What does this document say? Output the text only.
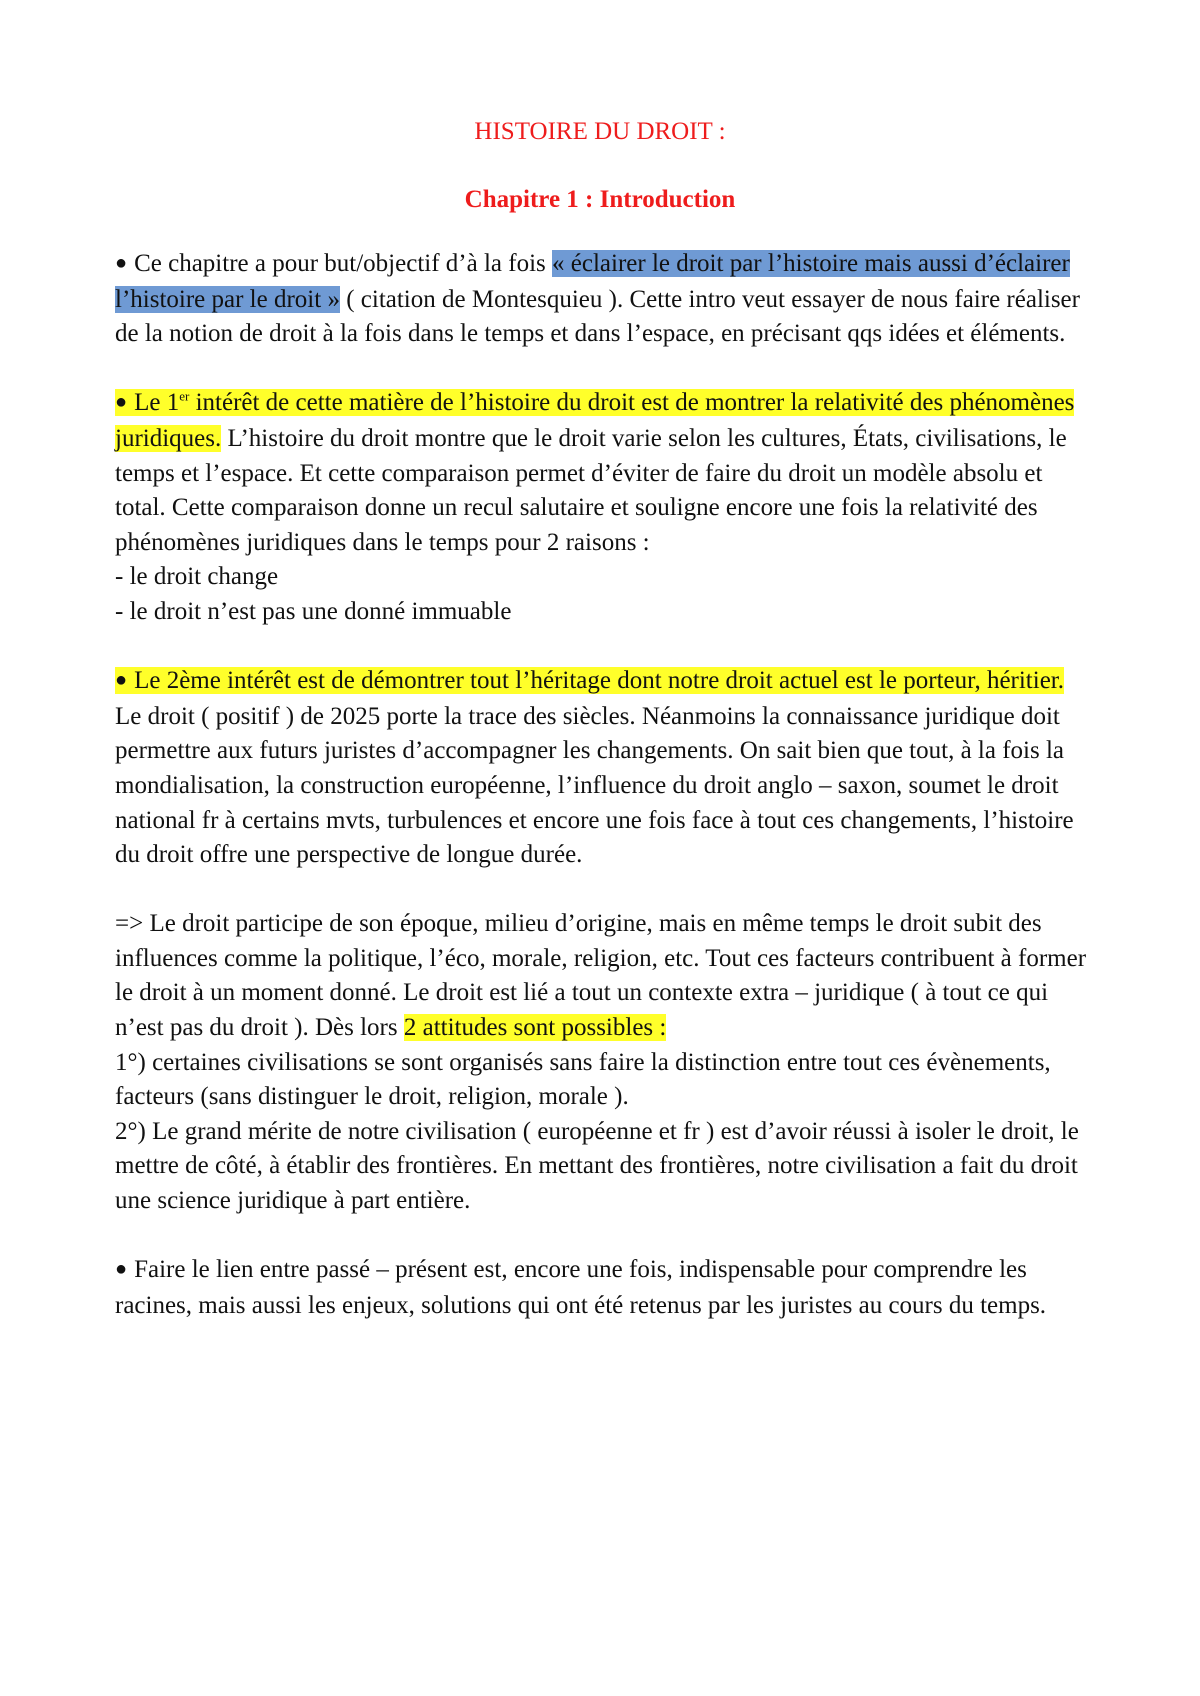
HISTOIRE DU DROIT :
Chapitre 1 : Introduction

● Ce chapitre a pour but/objectif d’à la fois « éclairer le droit par l’histoire mais aussi d’éclairer l’histoire par le droit » ( citation de Montesquieu ). Cette intro veut essayer de nous faire réaliser de la notion de droit à la fois dans le temps et dans l’espace, en précisant qqs idées et éléments.

● Le 1er intérêt de cette matière de l’histoire du droit est de montrer la relativité des phénomènes juridiques. L’histoire du droit montre que le droit varie selon les cultures, États, civilisations, le temps et l’espace. Et cette comparaison permet d’éviter de faire du droit un modèle absolu et total. Cette comparaison donne un recul salutaire et souligne encore une fois la relativité des phénomènes juridiques dans le temps pour 2 raisons :

- le droit change

- le droit n’est pas une donné immuable

● Le 2ème intérêt est de démontrer tout l’héritage dont notre droit actuel est le porteur, héritier. Le droit ( positif ) de 2025 porte la trace des siècles. Néanmoins la connaissance juridique doit permettre aux futurs juristes d’accompagner les changements. On sait bien que tout, à la fois la mondialisation, la construction européenne, l’influence du droit anglo – saxon, soumet le droit national fr à certains mvts, turbulences et encore une fois face à tout ces changements, l’histoire du droit offre une perspective de longue durée.

=> Le droit participe de son époque, milieu d’origine, mais en même temps le droit subit des influences comme la politique, l’éco, morale, religion, etc. Tout ces facteurs contribuent à former le droit à un moment donné. Le droit est lié a tout un contexte extra – juridique ( à tout ce qui n’est pas du droit ). Dès lors 2 attitudes sont possibles :

1°) certaines civilisations se sont organisés sans faire la distinction entre tout ces évènements, facteurs (sans distinguer le droit, religion, morale ).

2°) Le grand mérite de notre civilisation ( européenne et fr ) est d’avoir réussi à isoler le droit, le mettre de côté, à établir des frontières. En mettant des frontières, notre civilisation a fait du droit une science juridique à part entière.

● Faire le lien entre passé – présent est, encore une fois, indispensable pour comprendre les racines, mais aussi les enjeux, solutions qui ont été retenus par les juristes au cours du temps.
